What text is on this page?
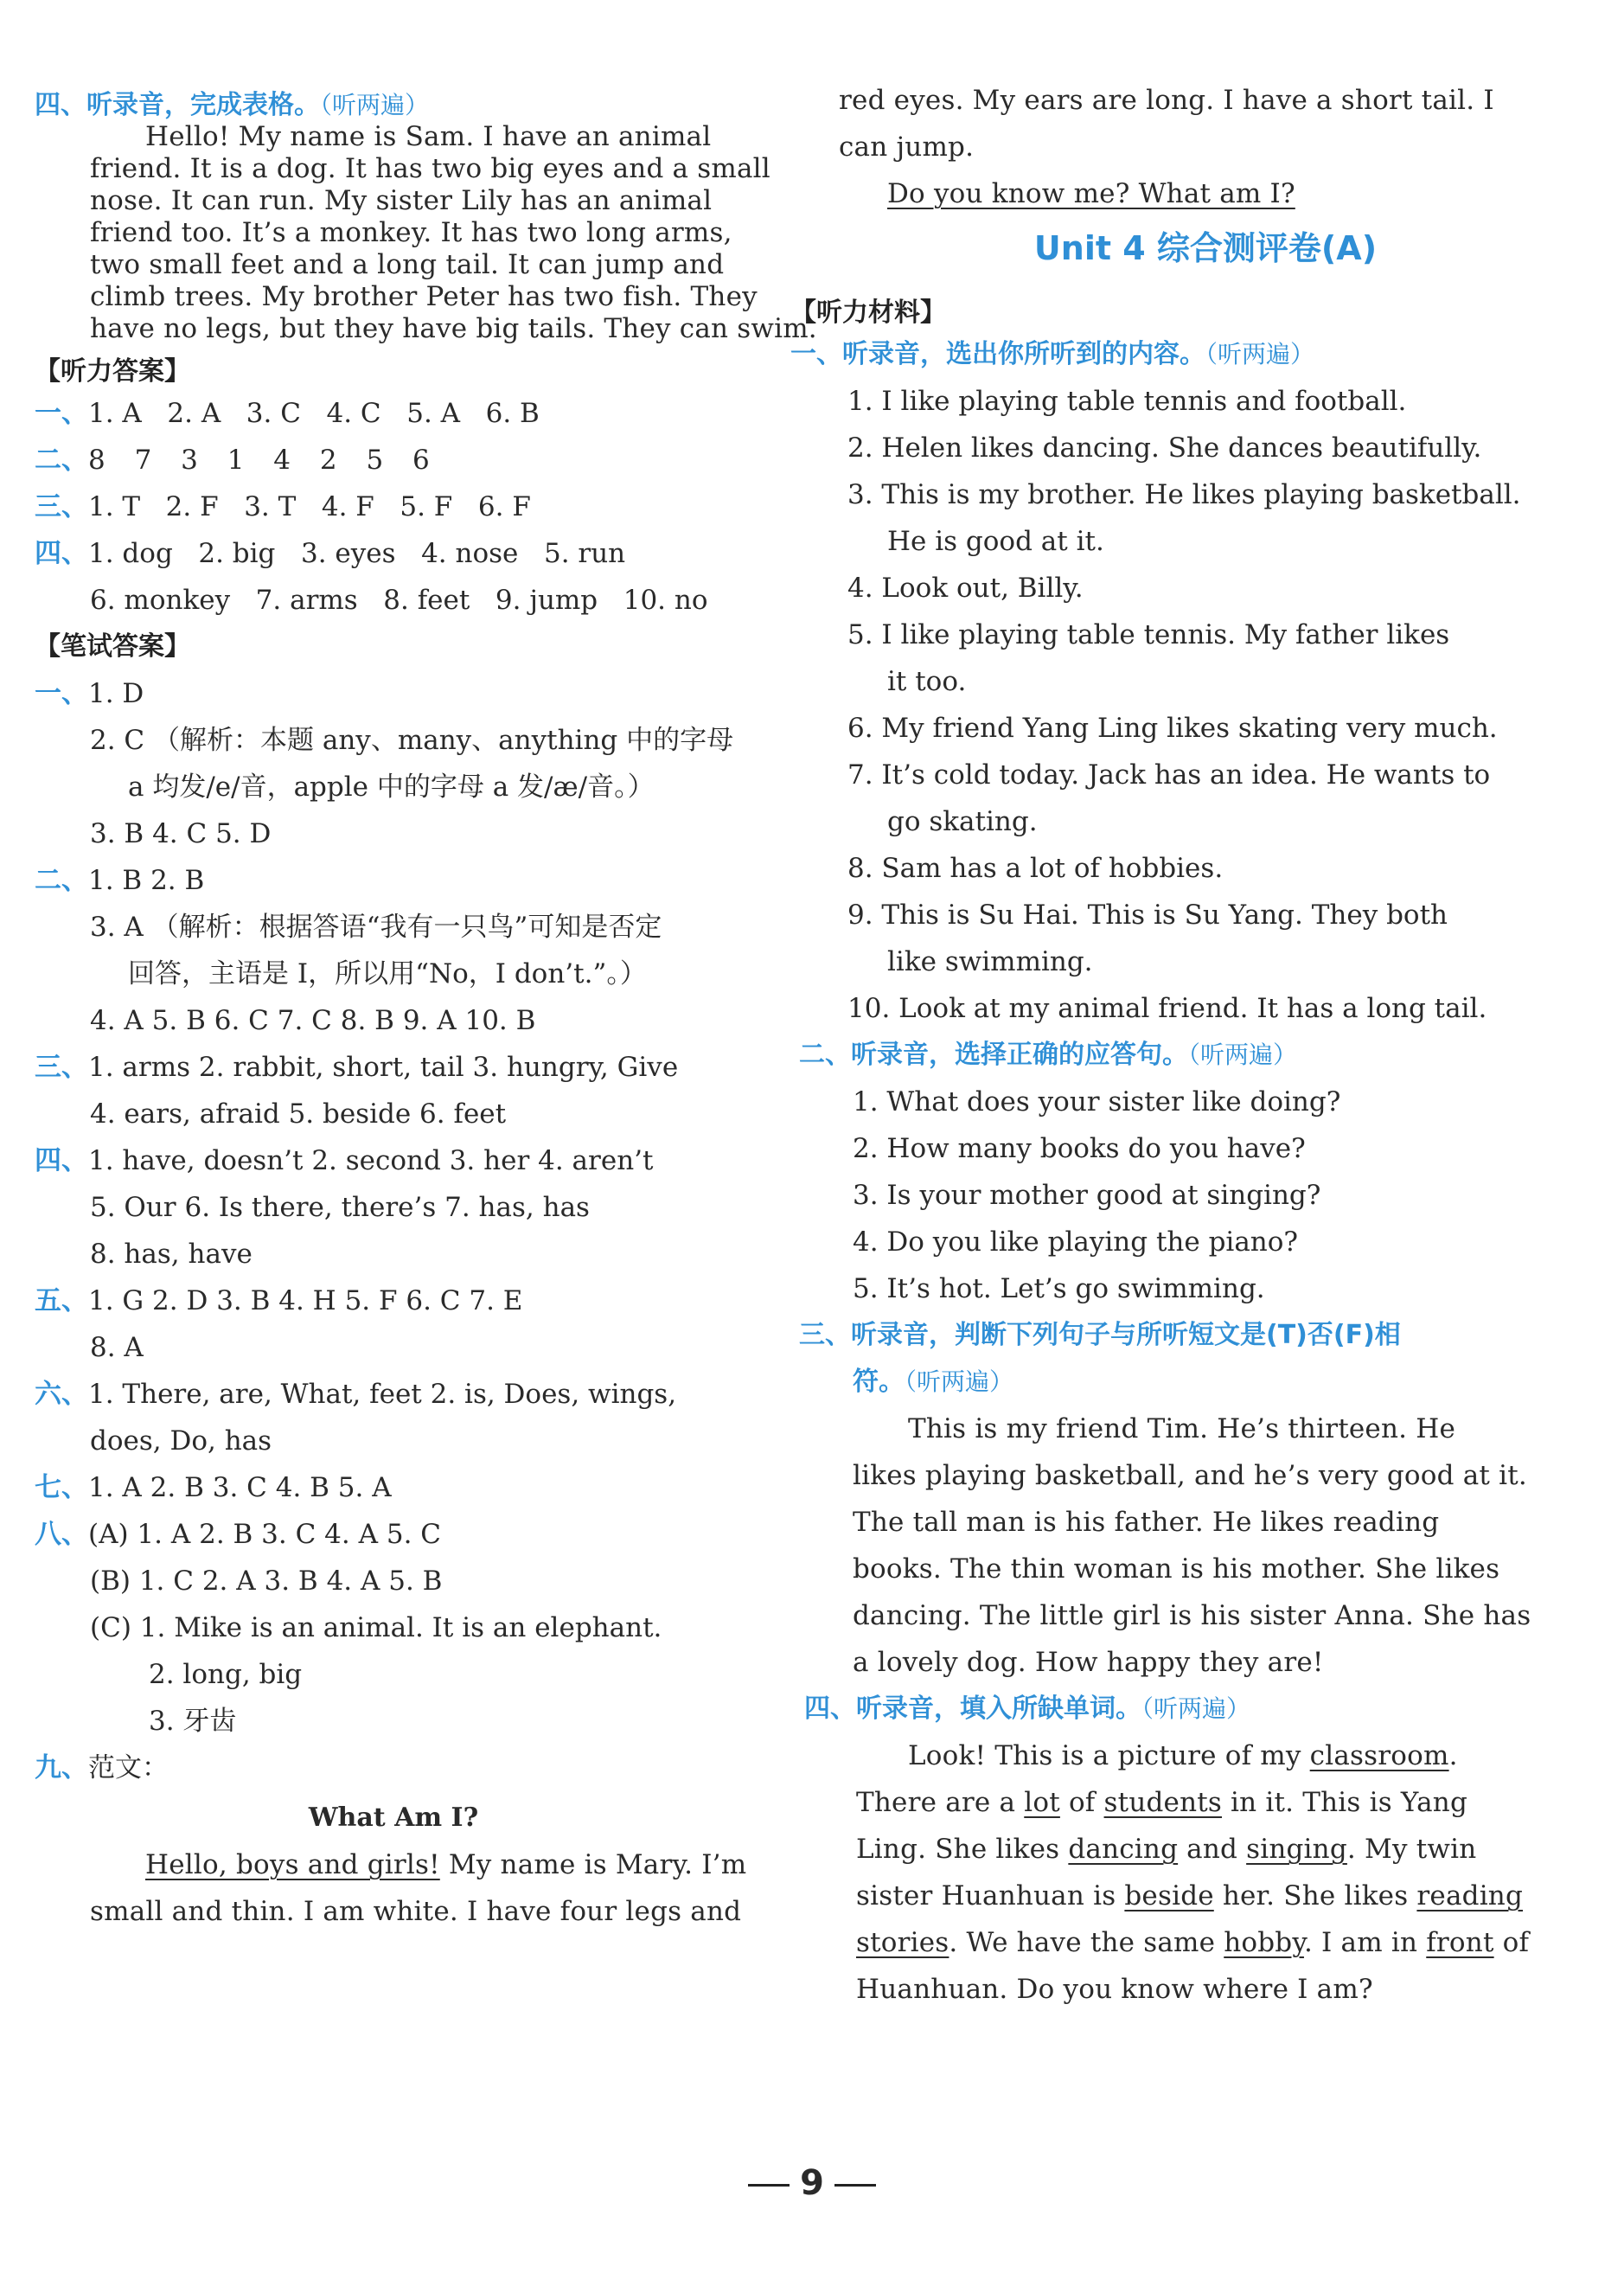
四、听录音，完成表格。（听两遍）
Hello! My name is Sam. I have an animal
friend. It is a dog. It has two big eyes and a small
nose. It can run. My sister Lily has an animal
friend too. It’s a monkey. It has two long arms,
two small feet and a long tail. It can jump and
climb trees. My brother Peter has two fish. They
have no legs, but they have big tails. They can swim.
【听力答案】
一、1. A 2. A 3. C 4. C 5. A 6. B
二、8 7 3 1 4 2 5 6
三、1. T 2. F 3. T 4. F 5. F 6. F
四、1. dog 2. big 3. eyes 4. nose 5. run
6. monkey 7. arms 8. feet 9. jump 10. no
【笔试答案】
一、1. D
2. C （解析：本题 any、many、anything 中的字母
a 均发/e/音，apple 中的字母 a 发/æ/音。）
3. B 4. C 5. D
二、1. B 2. B
3. A （解析：根据答语“我有一只鸟”可知是否定
回答，主语是 I，所以用“No，I don’t.”。）
4. A 5. B 6. C 7. C 8. B 9. A 10. B
三、1. arms 2. rabbit, short, tail 3. hungry, Give
4. ears, afraid 5. beside 6. feet
四、1. have, doesn’t 2. second 3. her 4. aren’t
5. Our 6. Is there, there’s 7. has, has
8. has, have
五、1. G 2. D 3. B 4. H 5. F 6. C 7. E
8. A
六、1. There, are, What, feet 2. is, Does, wings,
does, Do, has
七、1. A 2. B 3. C 4. B 5. A
八、(A) 1. A 2. B 3. C 4. A 5. C
(B) 1. C 2. A 3. B 4. A 5. B
(C) 1. Mike is an animal. It is an elephant.
2. long, big
3. 牙齿
九、范文：
What Am I?
Hello, boys and girls! My name is Mary. I’m
small and thin. I am white. I have four legs and
red eyes. My ears are long. I have a short tail. I
can jump.
Do you know me? What am I?
Unit 4 综合测评卷(A)
【听力材料】
一、听录音，选出你所听到的内容。（听两遍）
1. I like playing table tennis and football.
2. Helen likes dancing. She dances beautifully.
3. This is my brother. He likes playing basketball.
He is good at it.
4. Look out, Billy.
5. I like playing table tennis. My father likes
it too.
6. My friend Yang Ling likes skating very much.
7. It’s cold today. Jack has an idea. He wants to
go skating.
8. Sam has a lot of hobbies.
9. This is Su Hai. This is Su Yang. They both
like swimming.
10. Look at my animal friend. It has a long tail.
二、听录音，选择正确的应答句。（听两遍）
1. What does your sister like doing?
2. How many books do you have?
3. Is your mother good at singing?
4. Do you like playing the piano?
5. It’s hot. Let’s go swimming.
三、听录音，判断下列句子与所听短文是(T)否(F)相
符。（听两遍）
This is my friend Tim. He’s thirteen. He
likes playing basketball, and he’s very good at it.
The tall man is his father. He likes reading
books. The thin woman is his mother. She likes
dancing. The little girl is his sister Anna. She has
a lovely dog. How happy they are!
四、听录音，填入所缺单词。（听两遍）
Look! This is a picture of my classroom.
There are a lot of students in it. This is Yang
Ling. She likes dancing and singing. My twin
sister Huanhuan is beside her. She likes reading
stories. We have the same hobby. I am in front of
Huanhuan. Do you know where I am?
9
